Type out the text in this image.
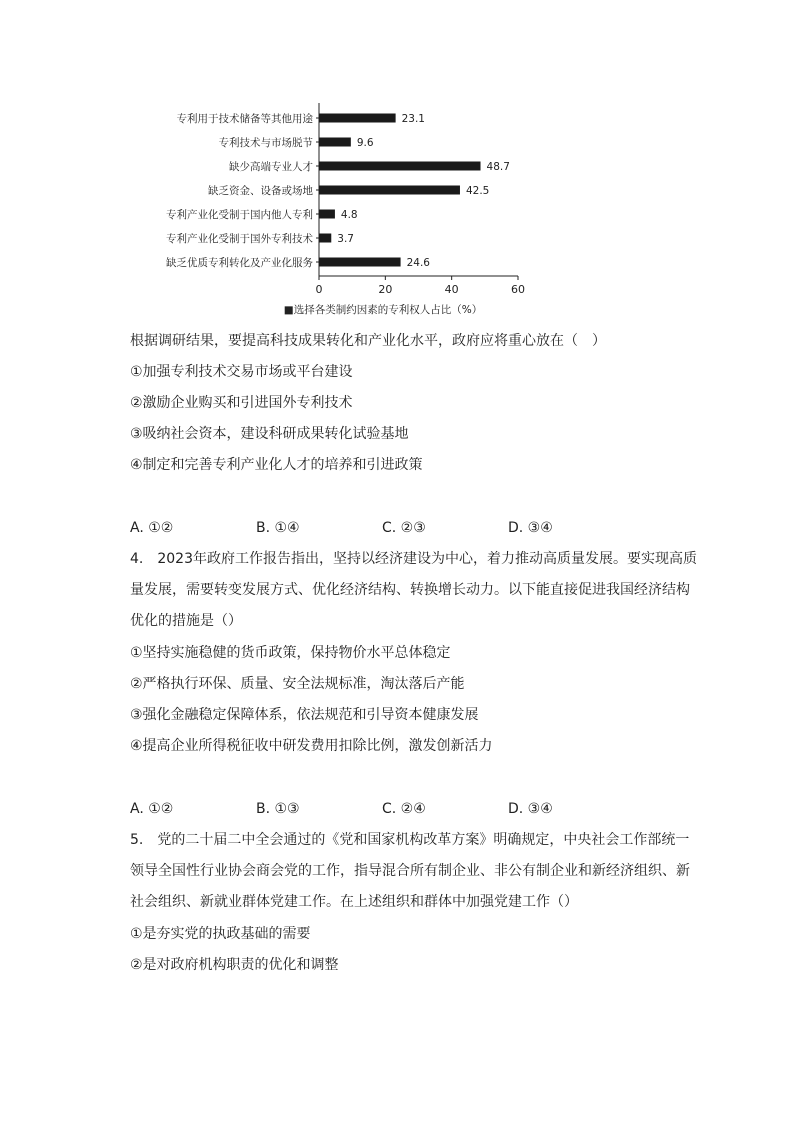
专利用于技术储备等其他用途	23.1
专利技术与市场脱节	9.6
缺少高端专业人才	48.7
缺乏资金、设备或场地	42.5
专利产业化受制于国内他人专利	4.8
专利产业化受制于国外专利技术 3.7
缺乏优质专利转化及产业化服务	24.6
0	20	40	60
■选择各类制约因素的专利权人占比（%）
根据调研结果，要提高科技成果转化和产业化水平，政府应将重心放在（　）
①加强专利技术交易市场或平台建设
②激励企业购买和引进国外专利技术
③吸纳社会资本，建设科研成果转化试验基地
④制定和完善专利产业化人才的培养和引进政策
A. ①②	B. ①④	C. ②③	D. ③④
4.　2023年政府工作报告指出，坚持以经济建设为中心，着力推动高质量发展。要实现高质
量发展，需要转变发展方式、优化经济结构、转换增长动力。以下能直接促进我国经济结构
优化的措施是（）
①坚持实施稳健的货币政策，保持物价水平总体稳定
②严格执行环保、质量、安全法规标准，淘汰落后产能
③强化金融稳定保障体系，依法规范和引导资本健康发展
④提高企业所得税征收中研发费用扣除比例，激发创新活力
A. ①②	B. ①③	C. ②④	D. ③④
5.　党的二十届二中全会通过的《党和国家机构改革方案》明确规定，中央社会工作部统一
领导全国性行业协会商会党的工作，指导混合所有制企业、非公有制企业和新经济组织、新
社会组织、新就业群体党建工作。在上述组织和群体中加强党建工作（）
①是夯实党的执政基础的需要
②是对政府机构职责的优化和调整
